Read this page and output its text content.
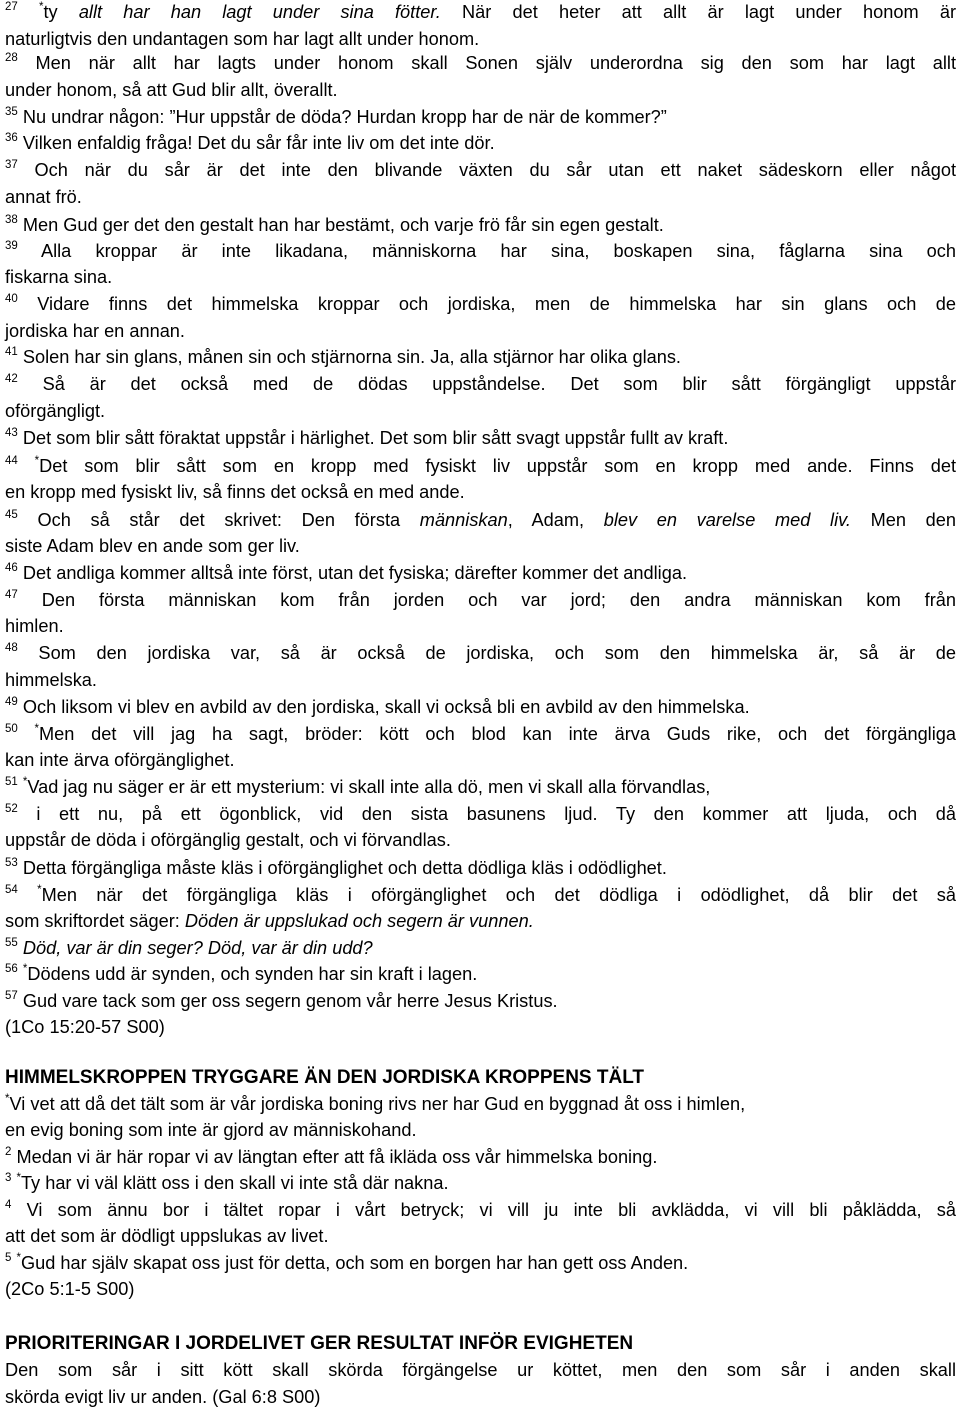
$^{27}$ *ty allt har han lagt under sina fötter. När det heter att allt är lagt under honom är
naturligtvis den undantagen som har lagt allt under honom.
$^{28}$ Men när allt har lagts under honom skall Sonen själv underordna sig den som har lagt allt
under honom, så att Gud blir allt, överallt.
$^{35}$ Nu undrar någon: ”Hur uppstår de döda? Hurdan kropp har de när de kommer?”
$^{36}$ Vilken enfaldig fråga! Det du sår får inte liv om det inte dör.
$^{37}$ Och när du sår är det inte den blivande växten du sår utan ett naket sädeskorn eller något
annat frö.
$^{38}$ Men Gud ger det den gestalt han har bestämt, och varje frö får sin egen gestalt.
$^{39}$ Alla kroppar är inte likadana, människorna har sina, boskapen sina, fåglarna sina och
fiskarna sina.
$^{40}$ Vidare finns det himmelska kroppar och jordiska, men de himmelska har sin glans och de
jordiska har en annan.
$^{41}$ Solen har sin glans, månen sin och stjärnorna sin. Ja, alla stjärnor har olika glans.
$^{42}$ Så är det också med de dödas uppståndelse. Det som blir sått förgängligt uppstår
oförgängligt.
$^{43}$ Det som blir sått föraktat uppstår i härlighet. Det som blir sått svagt uppstår fullt av kraft.
$^{44}$ *Det som blir sått som en kropp med fysiskt liv uppstår som en kropp med ande. Finns det
en kropp med fysiskt liv, så finns det också en med ande.
$^{45}$ Och så står det skrivet: Den första människan, Adam, blev en varelse med liv. Men den
siste Adam blev en ande som ger liv.
$^{46}$ Det andliga kommer alltså inte först, utan det fysiska; därefter kommer det andliga.
$^{47}$ Den första människan kom från jorden och var jord; den andra människan kom från
himlen.
$^{48}$ Som den jordiska var, så är också de jordiska, och som den himmelska är, så är de
himmelska.
$^{49}$ Och liksom vi blev en avbild av den jordiska, skall vi också bli en avbild av den himmelska.
$^{50}$ *Men det vill jag ha sagt, bröder: kött och blod kan inte ärva Guds rike, och det förgängliga
kan inte ärva oförgänglighet.
$^{51}$ *Vad jag nu säger er är ett mysterium: vi skall inte alla dö, men vi skall alla förvandlas,
$^{52}$ i ett nu, på ett ögonblick, vid den sista basunens ljud. Ty den kommer att ljuda, och då
uppstår de döda i oförgänglig gestalt, och vi förvandlas.
$^{53}$ Detta förgängliga måste kläs i oförgänglighet och detta dödliga kläs i odödlighet.
$^{54}$ *Men när det förgängliga kläs i oförgänglighet och det dödliga i odödlighet, då blir det så
som skriftordet säger: Döden är uppslukad och segern är vunnen.
$^{55}$ Död, var är din seger? Död, var är din udd?
$^{56}$ *Dödens udd är synden, och synden har sin kraft i lagen.
$^{57}$ Gud vare tack som ger oss segern genom vår herre Jesus Kristus.
(1Co 15:20-57 S00)
HIMMELSKROPPEN TRYGGARE ÄN DEN JORDISKA KROPPENS TÄLT
*Vi vet att då det tält som är vår jordiska boning rivs ner har Gud en byggnad åt oss i himlen,
en evig boning som inte är gjord av människohand.
$^2$ Medan vi är här ropar vi av längtan efter att få ikläda oss vår himmelska boning.
$^3$ *Ty har vi väl klätt oss i den skall vi inte stå där nakna.
$^4$ Vi som ännu bor i tältet ropar i vårt betryck; vi vill ju inte bli avklädda, vi vill bli påklädda, så
att det som är dödligt uppslukas av livet.
$^5$ *Gud har själv skapat oss just för detta, och som en borgen har han gett oss Anden.
(2Co 5:1-5 S00)
PRIORITERINGAR I JORDELIVET GER RESULTAT INFÖR EVIGHETEN
Den som sår i sitt kött skall skörda förgängelse ur köttet, men den som sår i anden skall
skörda evigt liv ur anden. (Gal 6:8 S00)
